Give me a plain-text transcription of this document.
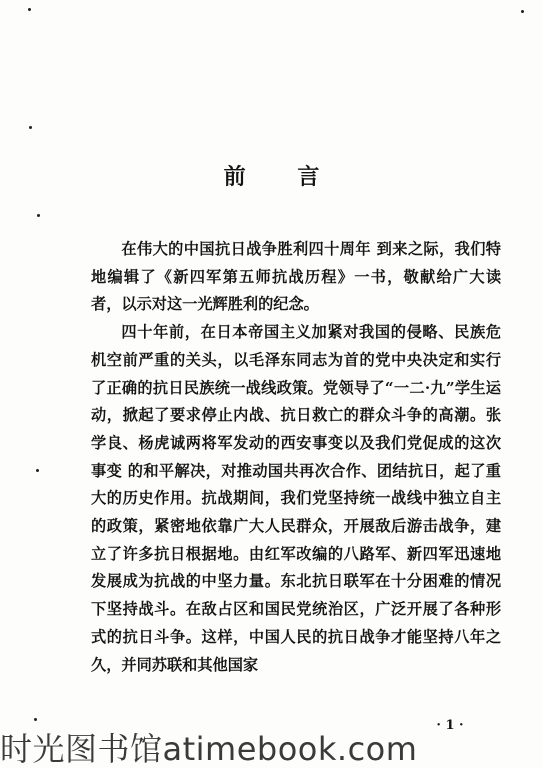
前 言

在伟大的中国抗日战争胜利四十周年 到来之际，我们特地编辑了《新四军第五师抗战历程》一书，敬献给广大读者，以示对这一光辉胜利的纪念。

四十年前，在日本帝国主义加紧对我国的侵略、民族危机空前严重的关头，以毛泽东同志为首的党中央决定和实行了正确的抗日民族统一战线政策。党领导了“一二·九”学生运动，掀起了要求停止内战、抗日救亡的群众斗争的高潮。张学良、杨虎诚两将军发动的西安事变以及我们党促成的这次事变 的和平解决，对推动国共再次合作、团结抗日，起了重大的历史作用。抗战期间，我们党坚持统一战线中独立自主的政策，紧密地依靠广大人民群众，开展敌后游击战争，建立了许多抗日根据地。由红军改编的八路军、新四军迅速地发展成为抗战的中坚力量。东北抗日联军在十分困难的情况下坚持战斗。在敌占区和国民党统治区，广泛开展了各种形式的抗日斗争。这样，中国人民的抗日战争才能坚持八年之久，并同苏联和其他国家

· 1 ·
时光图书馆atimebook.com
